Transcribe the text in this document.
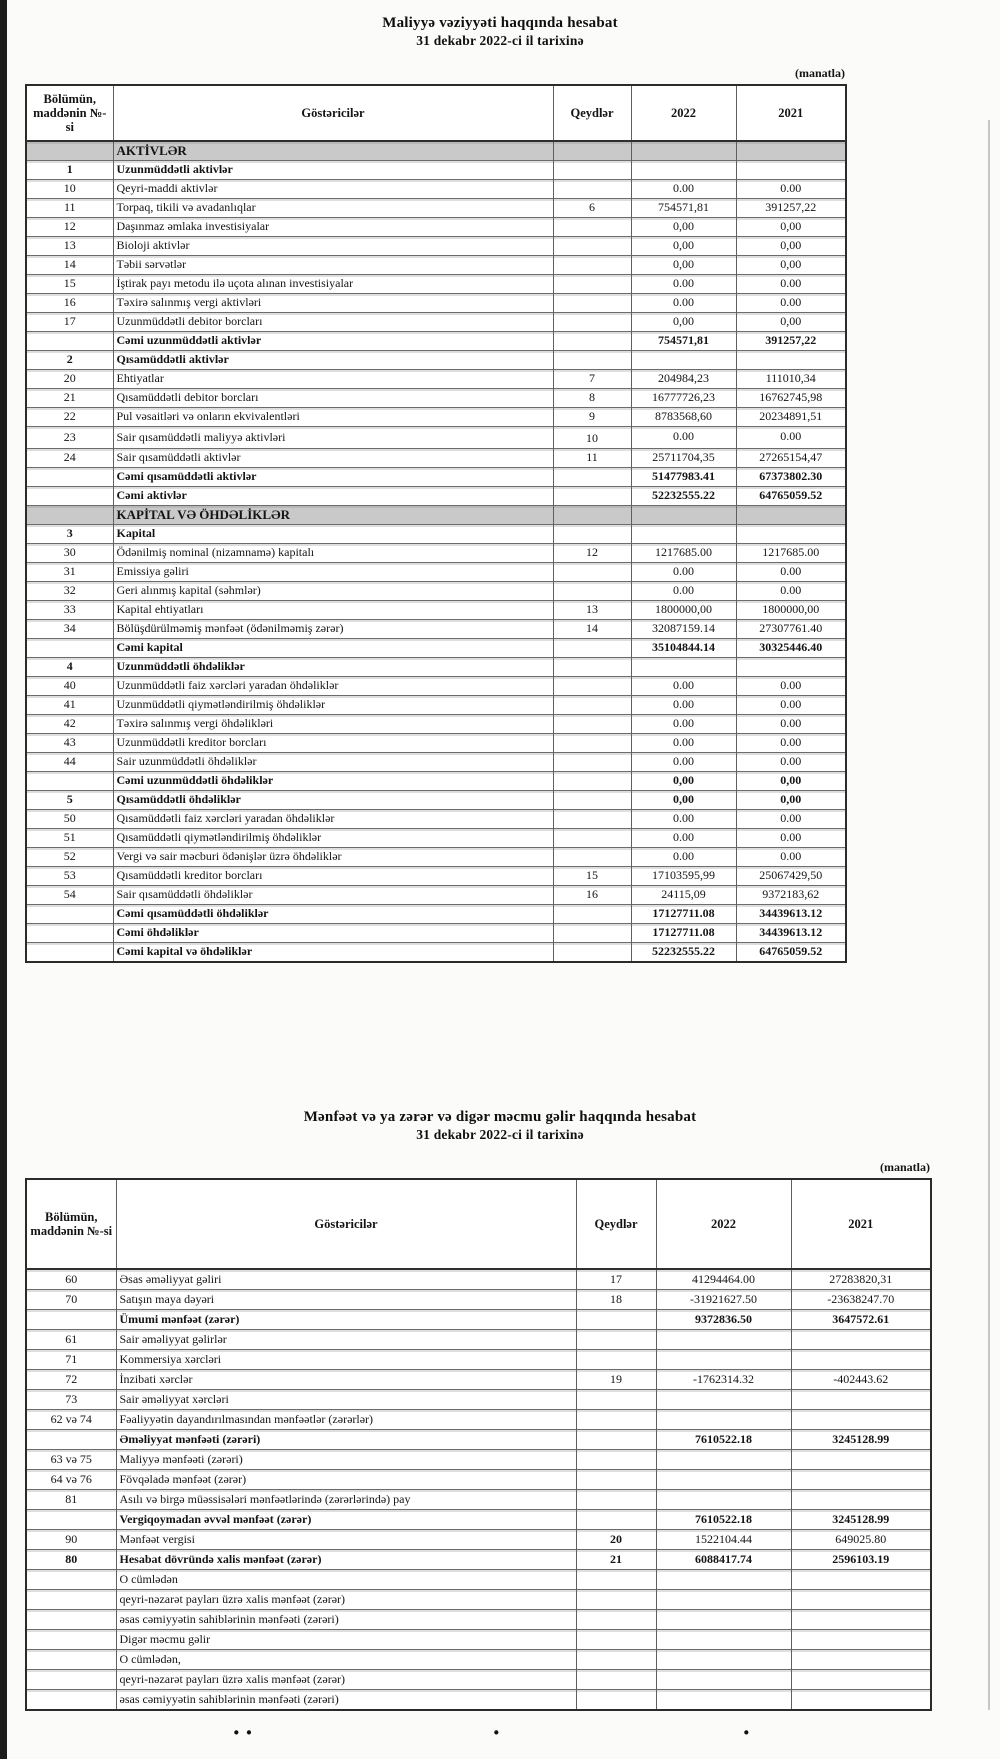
Maliyyə vəziyyəti haqqında hesabat
31 dekabr 2022-ci il tarixinə
(manatla)
Bölümün, maddənin №-si	Göstəricilər	Qeydlər	2022	2021
	AKTİVLƏR			
1	Uzunmüddətli aktivlər			
10	Qeyri-maddi aktivlər		0.00	0.00
11	Torpaq, tikili və avadanlıqlar	6	754571,81	391257,22
12	Daşınmaz əmlaka investisiyalar		0,00	0,00
13	Bioloji aktivlər		0,00	0,00
14	Təbii sərvətlər		0,00	0,00
15	İştirak payı metodu ilə uçota alınan investisiyalar		0.00	0.00
16	Təxirə salınmış vergi aktivləri		0.00	0.00
17	Uzunmüddətli debitor borcları		0,00	0,00
	Cəmi uzunmüddətli aktivlər		754571,81	391257,22
2	Qısamüddətli aktivlər			
20	Ehtiyatlar	7	204984,23	111010,34
21	Qısamüddətli debitor borcları	8	16777726,23	16762745,98
22	Pul vəsaitləri və onların ekvivalentləri	9	8783568,60	20234891,51
23	Sair qısamüddətli maliyyə aktivləri	10	0.00	0.00
24	Sair qısamüddətli aktivlər	11	25711704,35	27265154,47
	Cəmi qısamüddətli aktivlər		51477983.41	67373802.30
	Cəmi aktivlər		52232555.22	64765059.52
	KAPİTAL VƏ ÖHDƏLİKLƏR			
3	Kapital			
30	Ödənilmiş nominal (nizamnamə) kapitalı	12	1217685.00	1217685.00
31	Emissiya gəliri		0.00	0.00
32	Geri alınmış kapital (səhmlər)		0.00	0.00
33	Kapital ehtiyatları	13	1800000,00	1800000,00
34	Bölüşdürülməmiş mənfəət (ödənilməmiş zərər)	14	32087159.14	27307761.40
	Cəmi kapital		35104844.14	30325446.40
4	Uzunmüddətli öhdəliklər			
40	Uzunmüddətli faiz xərcləri yaradan öhdəliklər		0.00	0.00
41	Uzunmüddətli qiymətləndirilmiş öhdəliklər		0.00	0.00
42	Təxirə salınmış vergi öhdəlikləri		0.00	0.00
43	Uzunmüddətli kreditor borcları		0.00	0.00
44	Sair uzunmüddətli öhdəliklər		0.00	0.00
	Cəmi uzunmüddətli öhdəliklər		0,00	0,00
5	Qısamüddətli öhdəliklər		0,00	0,00
50	Qısamüddətli faiz xərcləri yaradan öhdəliklər		0.00	0.00
51	Qısamüddətli qiymətləndirilmiş öhdəliklər		0.00	0.00
52	Vergi və sair məcburi ödənişlər üzrə öhdəliklər		0.00	0.00
53	Qısamüddətli kreditor borcları	15	17103595,99	25067429,50
54	Sair qısamüddətli öhdəliklər	16	24115,09	9372183,62
	Cəmi qısamüddətli öhdəliklər		17127711.08	34439613.12
	Cəmi öhdəliklər		17127711.08	34439613.12
	Cəmi kapital və öhdəliklər		52232555.22	64765059.52
Mənfəət və ya zərər və digər məcmu gəlir haqqında hesabat
31 dekabr 2022-ci il tarixinə
(manatla)
Bölümün, maddənin №-si	Göstəricilər	Qeydlər	2022	2021
60	Əsas əməliyyat gəliri	17	41294464.00	27283820,31
70	Satışın maya dəyəri	18	-31921627.50	-23638247.70
	Ümumi mənfəət (zərər)		9372836.50	3647572.61
61	Sair əməliyyat gəlirlər			
71	Kommersiya xərcləri			
72	İnzibati xərclər	19	-1762314.32	-402443.62
73	Sair əməliyyat xərcləri			
62 və 74	Fəaliyyətin dayandırılmasından mənfəətlər (zərərlər)			
	Əməliyyat mənfəəti (zərəri)		7610522.18	3245128.99
63 və 75	Maliyyə mənfəəti (zərəri)			
64 və 76	Fövqəladə mənfəət (zərər)			
81	Asılı və birgə müəssisələri mənfəətlərində (zərərlərində) pay			
	Vergiqoymadan əvvəl mənfəət (zərər)		7610522.18	3245128.99
90	Mənfəət vergisi	20	1522104.44	649025.80
80	Hesabat dövründə xalis mənfəət (zərər)	21	6088417.74	2596103.19
	O cümlədən			
	qeyri-nəzarət payları üzrə xalis mənfəət (zərər)			
	əsas cəmiyyətin sahiblərinin mənfəəti (zərəri)			
	Digər məcmu gəlir			
	O cümlədən,			
	qeyri-nəzarət payları üzrə xalis mənfəət (zərər)			
	əsas cəmiyyətin sahiblərinin mənfəəti (zərəri)			
··	·	·
